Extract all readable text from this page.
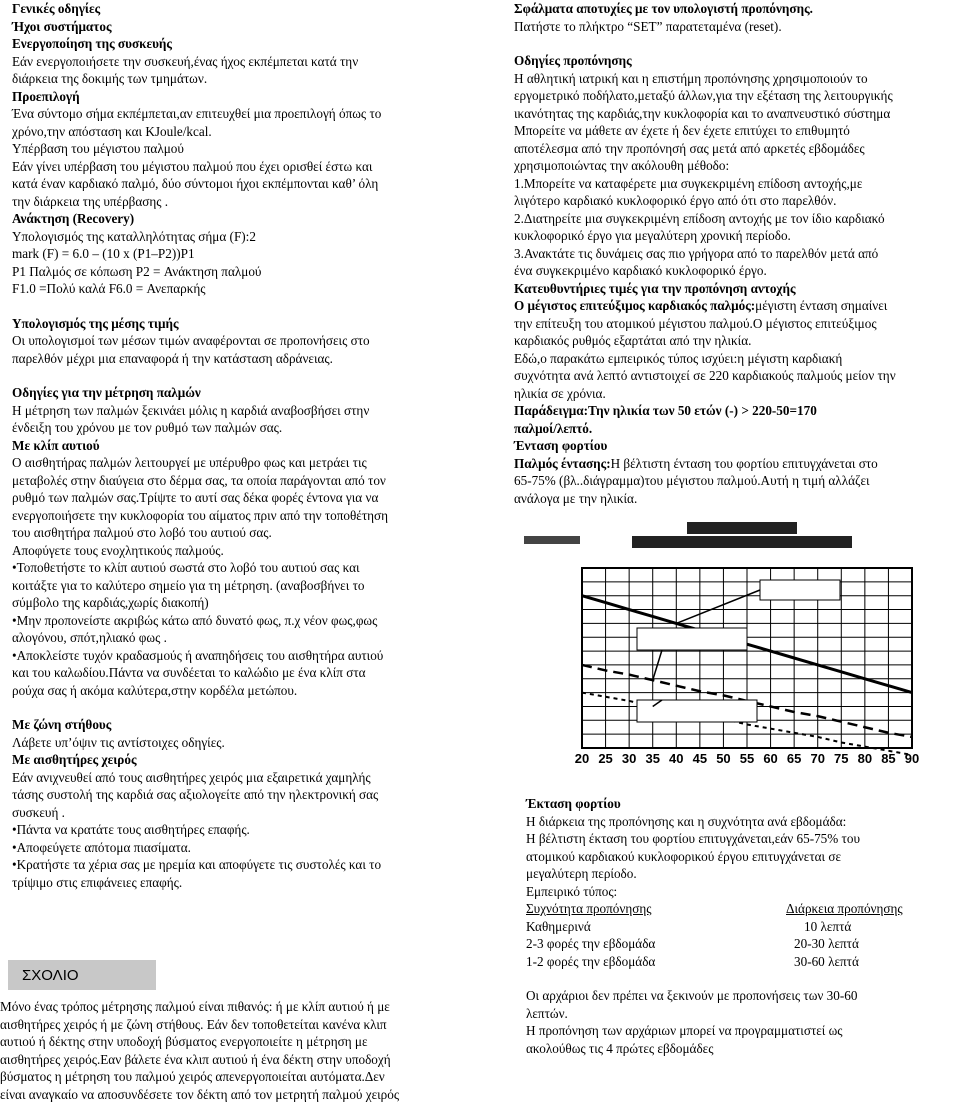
Γενικές οδηγίες

Ήχοι συστήματος

Ενεργοποίηση της συσκευής

Εάν ενεργοποιήσετε την συσκευή,ένας ήχος εκπέμπεται κατά την

διάρκεια της δοκιμής των τμημάτων.

Προεπιλογή

Ένα σύντομο σήμα εκπέμπεται,αν επιτευχθεί μια προεπιλογή όπως το

χρόνο,την απόσταση και KJoule/kcal.

Υπέρβαση του μέγιστου παλμού

Εάν γίνει υπέρβαση του μέγιστου παλμού που έχει ορισθεί έστω και

κατά έναν καρδιακό παλμό, δύο σύντομοι ήχοι εκπέμπονται καθ’ όλη

την διάρκεια της υπέρβασης .

Ανάκτηση (Recovery)

Υπολογισμός της καταλληλότητας σήμα (F):2

mark (F) = 6.0 – (10 x (P1–P2))P1

P1 Παλμός σε κόπωση P2 = Ανάκτηση παλμού

F1.0 =Πολύ καλά F6.0 = Ανεπαρκής

Υπολογισμός της μέσης τιμής

Οι υπολογισμοί των μέσων τιμών αναφέρονται σε προπονήσεις στο

παρελθόν μέχρι μια επαναφορά ή την κατάσταση αδράνειας.

Οδηγίες για την μέτρηση παλμών

Η μέτρηση των παλμών ξεκινάει μόλις η καρδιά αναβοσβήσει στην

ένδειξη του χρόνου με τον ρυθμό των παλμών σας.

Με κλίπ αυτιού

Ο αισθητήρας παλμών λειτουργεί με υπέρυθρο φως και μετράει τις

μεταβολές στην διαύγεια στο δέρμα σας, τα οποία παράγονται από τον

ρυθμό των παλμών σας.Τρίψτε το αυτί σας δέκα φορές έντονα για να

ενεργοποιήσετε την κυκλοφορία του αίματος πριν από την τοποθέτηση

του αισθητήρα παλμού στο λοβό του αυτιού σας.

Αποφύγετε τους ενοχλητικούς παλμούς.

•Τοποθετήστε το κλίπ αυτιού σωστά στο λοβό του αυτιού σας και

κοιτάξτε για το καλύτερο σημείο για τη μέτρηση. (αναβοσβήνει το

σύμβολο της καρδιάς,χωρίς διακοπή)

•Μην προπονείστε ακριβώς κάτω από δυνατό φως, π.χ νέον φως,φως

αλογόνου, σπότ,ηλιακό φως .

•Αποκλείστε τυχόν κραδασμούς ή αναπηδήσεις του αισθητήρα αυτιού

και του καλωδίου.Πάντα να συνδέεται το καλώδιο με ένα κλίπ στα

ρούχα σας ή ακόμα καλύτερα,στην κορδέλα μετώπου.

Με ζώνη στήθους

Λάβετε υπ’όψιν τις αντίστοιχες οδηγίες.

Με αισθητήρες χειρός

Εάν ανιχνευθεί από τους αισθητήρες χειρός μια εξαιρετικά χαμηλής

τάσης συστολή της καρδιά σας αξιολογείτε από την ηλεκτρονική σας

συσκευή .

•Πάντα να κρατάτε τους αισθητήρες επαφής.

•Αποφεύγετε απότομα πιασίματα.

•Κρατήστε τα χέρια σας με ηρεμία και αποφύγετε τις συστολές και το

τρίψιμο στις επιφάνειες επαφής.

ΣΧΟΛΙΟ

Μόνο ένας τρόπος μέτρησης παλμού είναι πιθανός: ή με κλίπ αυτιού ή με

αισθητήρες χειρός ή με ζώνη στήθους. Εάν δεν τοποθετείται κανένα κλιπ

αυτιού ή δέκτης στην υποδοχή βύσματος ενεργοποιείτε η μέτρηση με

αισθητήρες χειρός.Εαν βάλετε ένα κλιπ αυτιού ή ένα δέκτη στην υποδοχή

βύσματος η μέτρηση του παλμού χειρός απενεργοποιείται αυτόματα.Δεν

είναι αναγκαίο να αποσυνδέσετε τον δέκτη από τον μετρητή παλμού χειρός

Σφάλματα αποτυχίες με τον υπολογιστή προπόνησης.

Πατήστε το πλήκτρο “SET” παρατεταμένα (reset).

Οδηγίες προπόνησης

Η αθλητική ιατρική και η επιστήμη προπόνησης χρησιμοποιούν το

εργομετρικό ποδήλατο,μεταξύ άλλων,για την εξέταση της λειτουργικής

ικανότητας της καρδιάς,την κυκλοφορία και το αναπνευστικό σύστημα

Μπορείτε να μάθετε αν έχετε ή δεν έχετε επιτύχει το επιθυμητό

αποτέλεσμα από την προπόνησή σας μετά από αρκετές εβδομάδες

χρησιμοποιώντας την ακόλουθη μέθοδο:

1.Μπορείτε να καταφέρετε μια συγκεκριμένη επίδοση αντοχής,με

λιγότερο καρδιακό κυκλοφορικό έργο από ότι στο παρελθόν.

2.Διατηρείτε μια συγκεκριμένη επίδοση αντοχής με τον ίδιο καρδιακό

κυκλοφορικό έργο για μεγαλύτερη χρονική περίοδο.

3.Ανακτάτε τις δυνάμεις σας πιο γρήγορα από το παρελθόν μετά από

ένα συγκεκριμένο καρδιακό κυκλοφορικό έργο.

Κατευθυντήριες τιμές για την προπόνηση αντοχής

Ο μέγιστος επιτεύξιμος καρδιακός παλμός:μέγιστη ένταση σημαίνει

την επίτευξη του ατομικού μέγιστου παλμού.Ο μέγιστος επιτεύξιμος

καρδιακός ρυθμός εξαρτάται από την ηλικία.

Εδώ,ο παρακάτω εμπειρικός τύπος ισχύει:η μέγιστη καρδιακή

συχνότητα ανά λεπτό αντιστοιχεί σε 220 καρδιακούς παλμούς μείον την

ηλικία σε χρόνια.

Παράδειγμα:Την ηλικία των 50 ετών (-) > 220-50=170

παλμοί/λεπτό.

Ένταση φορτίου

Παλμός έντασης:Η βέλτιστη ένταση του φορτίου επιτυγχάνεται στο

65-75% (βλ..διάγραμμα)του μέγιστου παλμού.Αυτή η τιμή αλλάζει

ανάλογα με την ηλικία.

20 25 30 35 40 45 50 55 60 65 70 75 80 85 90

Έκταση φορτίου

Η διάρκεια της προπόνησης και η συχνότητα ανά εβδομάδα:

Η βέλτιστη έκταση του φορτίου επιτυγχάνεται,εάν 65-75% του

ατομικού καρδιακού κυκλοφορικού έργου επιτυγχάνεται σε

μεγαλύτερη περίοδο.

Εμπειρικό τύπος:

Συχνότητα προπόνησης	Διάρκεια προπόνησης
Καθημερινά	10 λεπτά
2-3 φορές την εβδομάδα	20-30 λεπτά
1-2 φορές την εβδομάδα	30-60 λεπτά

Οι αρχάριοι δεν πρέπει να ξεκινούν με προπονήσεις των 30-60

λεπτών.

Η προπόνηση των αρχάριων μπορεί να προγραμματιστεί ως

ακολούθως τις 4 πρώτες εβδομάδες
